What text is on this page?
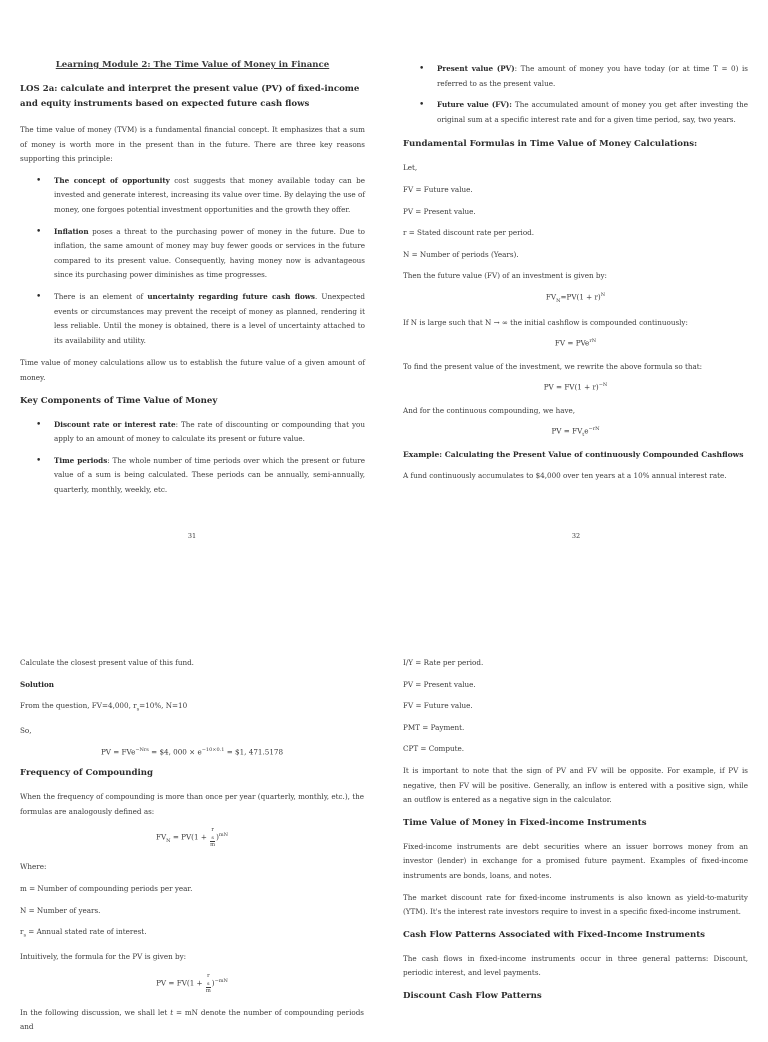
Learning Module 2: The Time Value of Money in Finance
LOS 2a: calculate and interpret the present value (PV) of fixed-income and equity instruments based on expected future cash flows

The time value of money (TVM) is a fundamental financial concept. It emphasizes that a sum of money is worth more in the present than in the future. There are three key reasons supporting this principle:

• The concept of opportunity cost suggests that money available today can be invested and generate interest, increasing its value over time. By delaying the use of money, one forgoes potential investment opportunities and the growth they offer.
• Inflation poses a threat to the purchasing power of money in the future. Due to inflation, the same amount of money may buy fewer goods or services in the future compared to its present value. Consequently, having money now is advantageous since its purchasing power diminishes as time progresses.
• There is an element of uncertainty regarding future cash flows. Unexpected events or circumstances may prevent the receipt of money as planned, rendering it less reliable. Until the money is obtained, there is a level of uncertainty attached to its availability and utility.

Time value of money calculations allow us to establish the future value of a given amount of money.

Key Components of Time Value of Money
• Discount rate or interest rate: The rate of discounting or compounding that you apply to an amount of money to calculate its present or future value.
• Time periods: The whole number of time periods over which the present or future value of a sum is being calculated. These periods can be annually, semi-annually, quarterly, monthly, weekly, etc.
31
• Present value (PV): The amount of money you have today (or at time T = 0) is referred to as the present value.
• Future value (FV): The accumulated amount of money you get after investing the original sum at a specific interest rate and for a given time period, say, two years.
Fundamental Formulas in Time Value of Money Calculations:

Let,

FV = Future value.

PV = Present value.

r = Stated discount rate per period.

N = Number of periods (Years).

Then the future value (FV) of an investment is given by:

$FV_N=PV(1 + r)^N$

If N is large such that N → ∞ the initial cashflow is compounded continuously:

FV = PVe$^{rN}$

To find the present value of the investment, we rewrite the above formula so that:

PV = $FV(1 + r)^{-N}$

And for the continuous compounding, we have,

PV = $FV_te^{-rN}$
Example: Calculating the Present Value of continuously Compounded Cashflows

A fund continuously accumulates to $4,000 over ten years at a 10% annual interest rate.

32

Calculate the closest present value of this fund.

Solution

From the question, FV=4,000, $r_s=10\%$, N=10

So,

PV = FVe$^{-Nrs}$ = $4, $000 \times e^{-10\times 0.1}$ = $1, 471.5178
Frequency of Compounding

When the frequency of compounding is more than once per year (quarterly, monthly, etc.), the formulas are analogously defined as:

$FV_N = PV(1 + r$
$_s$
m )$^{mN}$

Where:

m = Number of compounding periods per year.

N = Number of years.

$r_s$ = Annual stated rate of interest.

Intuitively, the formula for the PV is given by:

PV = FV(1 + r
$_s$
m )$^{-mN}$

In the following discussion, we shall let t = mN denote the number of compounding periods and

I/Y = Rate per period.

PV = Present value.

FV = Future value.

PMT = Payment.

CPT = Compute.

It is important to note that the sign of PV and FV will be opposite. For example, if PV is negative, then FV will be positive. Generally, an inflow is entered with a positive sign, while an outflow is entered as a negative sign in the calculator.

Time Value of Money in Fixed-income Instruments

Fixed-income instruments are debt securities where an issuer borrows money from an investor (lender) in exchange for a promised future payment. Examples of fixed-income instruments are bonds, loans, and notes.

The market discount rate for fixed-income instruments is also known as yield-to-maturity (YTM). It's the interest rate investors require to invest in a specific fixed-income instrument.

Cash Flow Patterns Associated with Fixed-Income Instruments

The cash flows in fixed-income instruments occur in three general patterns: Discount, periodic interest, and level payments.

Discount Cash Flow Patterns
